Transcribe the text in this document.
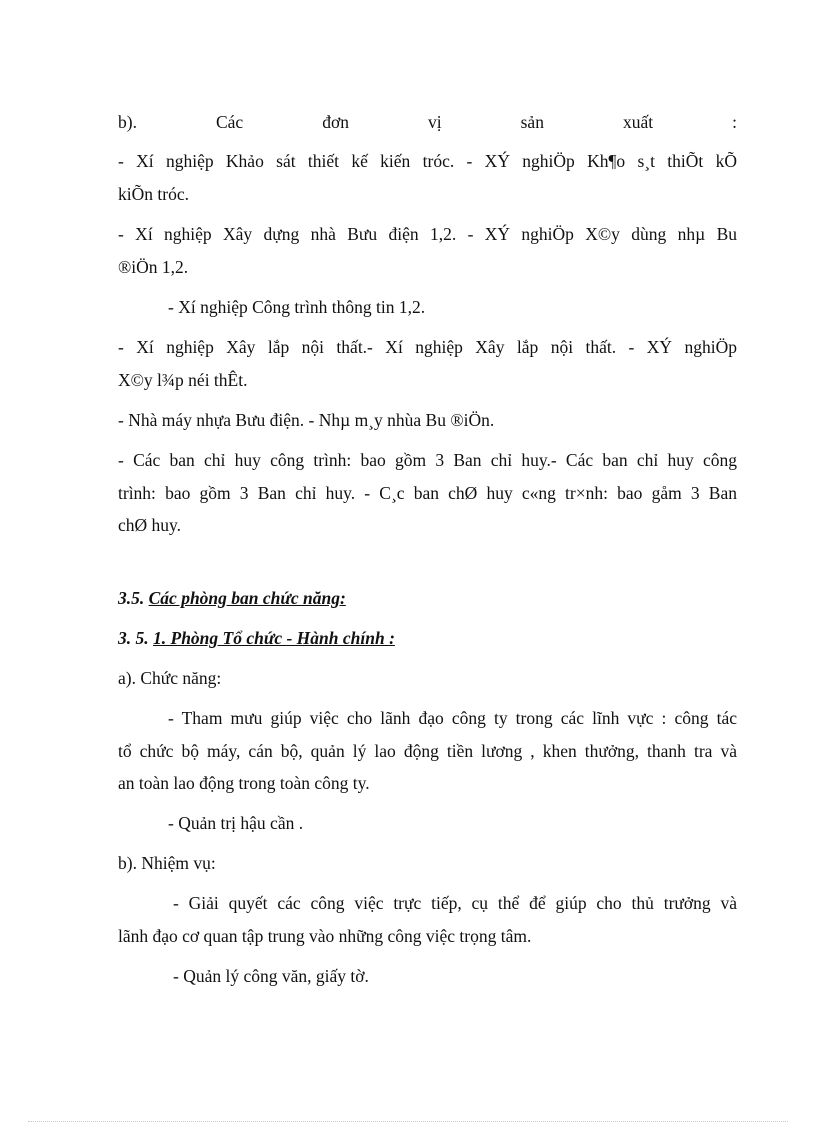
b). Các đơn vị sản xuất :
- Xí nghiệp Khảo sát thiết kế kiến tróc. - XÝ nghiÖp Kh¶o s¸t thiÕt kÕ
kiÕn tróc.
- Xí nghiệp Xây dựng nhà Bưu điện 1,2. - XÝ nghiÖp X©y dùng nhµ Bu
®iÖn 1,2.
- Xí nghiệp Công trình thông tin 1,2.
- Xí nghiệp Xây lắp nội thất.- Xí nghiệp Xây lắp nội thất. - XÝ nghiÖp
X©y l¾p néi thÊt.
- Nhà máy nhựa Bưu điện. - Nhµ m¸y nhùa Bu ®iÖn.
- Các ban chỉ huy công trình: bao gồm 3 Ban chỉ huy.- Các ban chỉ huy công
trình: bao gồm 3 Ban chỉ huy. - C¸c ban chØ huy c«ng tr×nh: bao gåm 3 Ban
chØ huy.
3.5. Các phòng ban chức năng:
3. 5. 1. Phòng Tổ chức - Hành chính :
a). Chức năng:
- Tham mưu giúp việc cho lãnh đạo công ty trong các lĩnh vực : công tác
tổ chức bộ máy, cán bộ, quản lý lao động tiền lương , khen thưởng, thanh tra và
an toàn lao động trong toàn công ty.
- Quản trị hậu cần .
b). Nhiệm vụ:
- Giải quyết các công việc trực tiếp, cụ thể để giúp cho thủ trưởng và
lãnh đạo cơ quan tập trung vào những công việc trọng tâm.
- Quản lý công văn, giấy tờ.
